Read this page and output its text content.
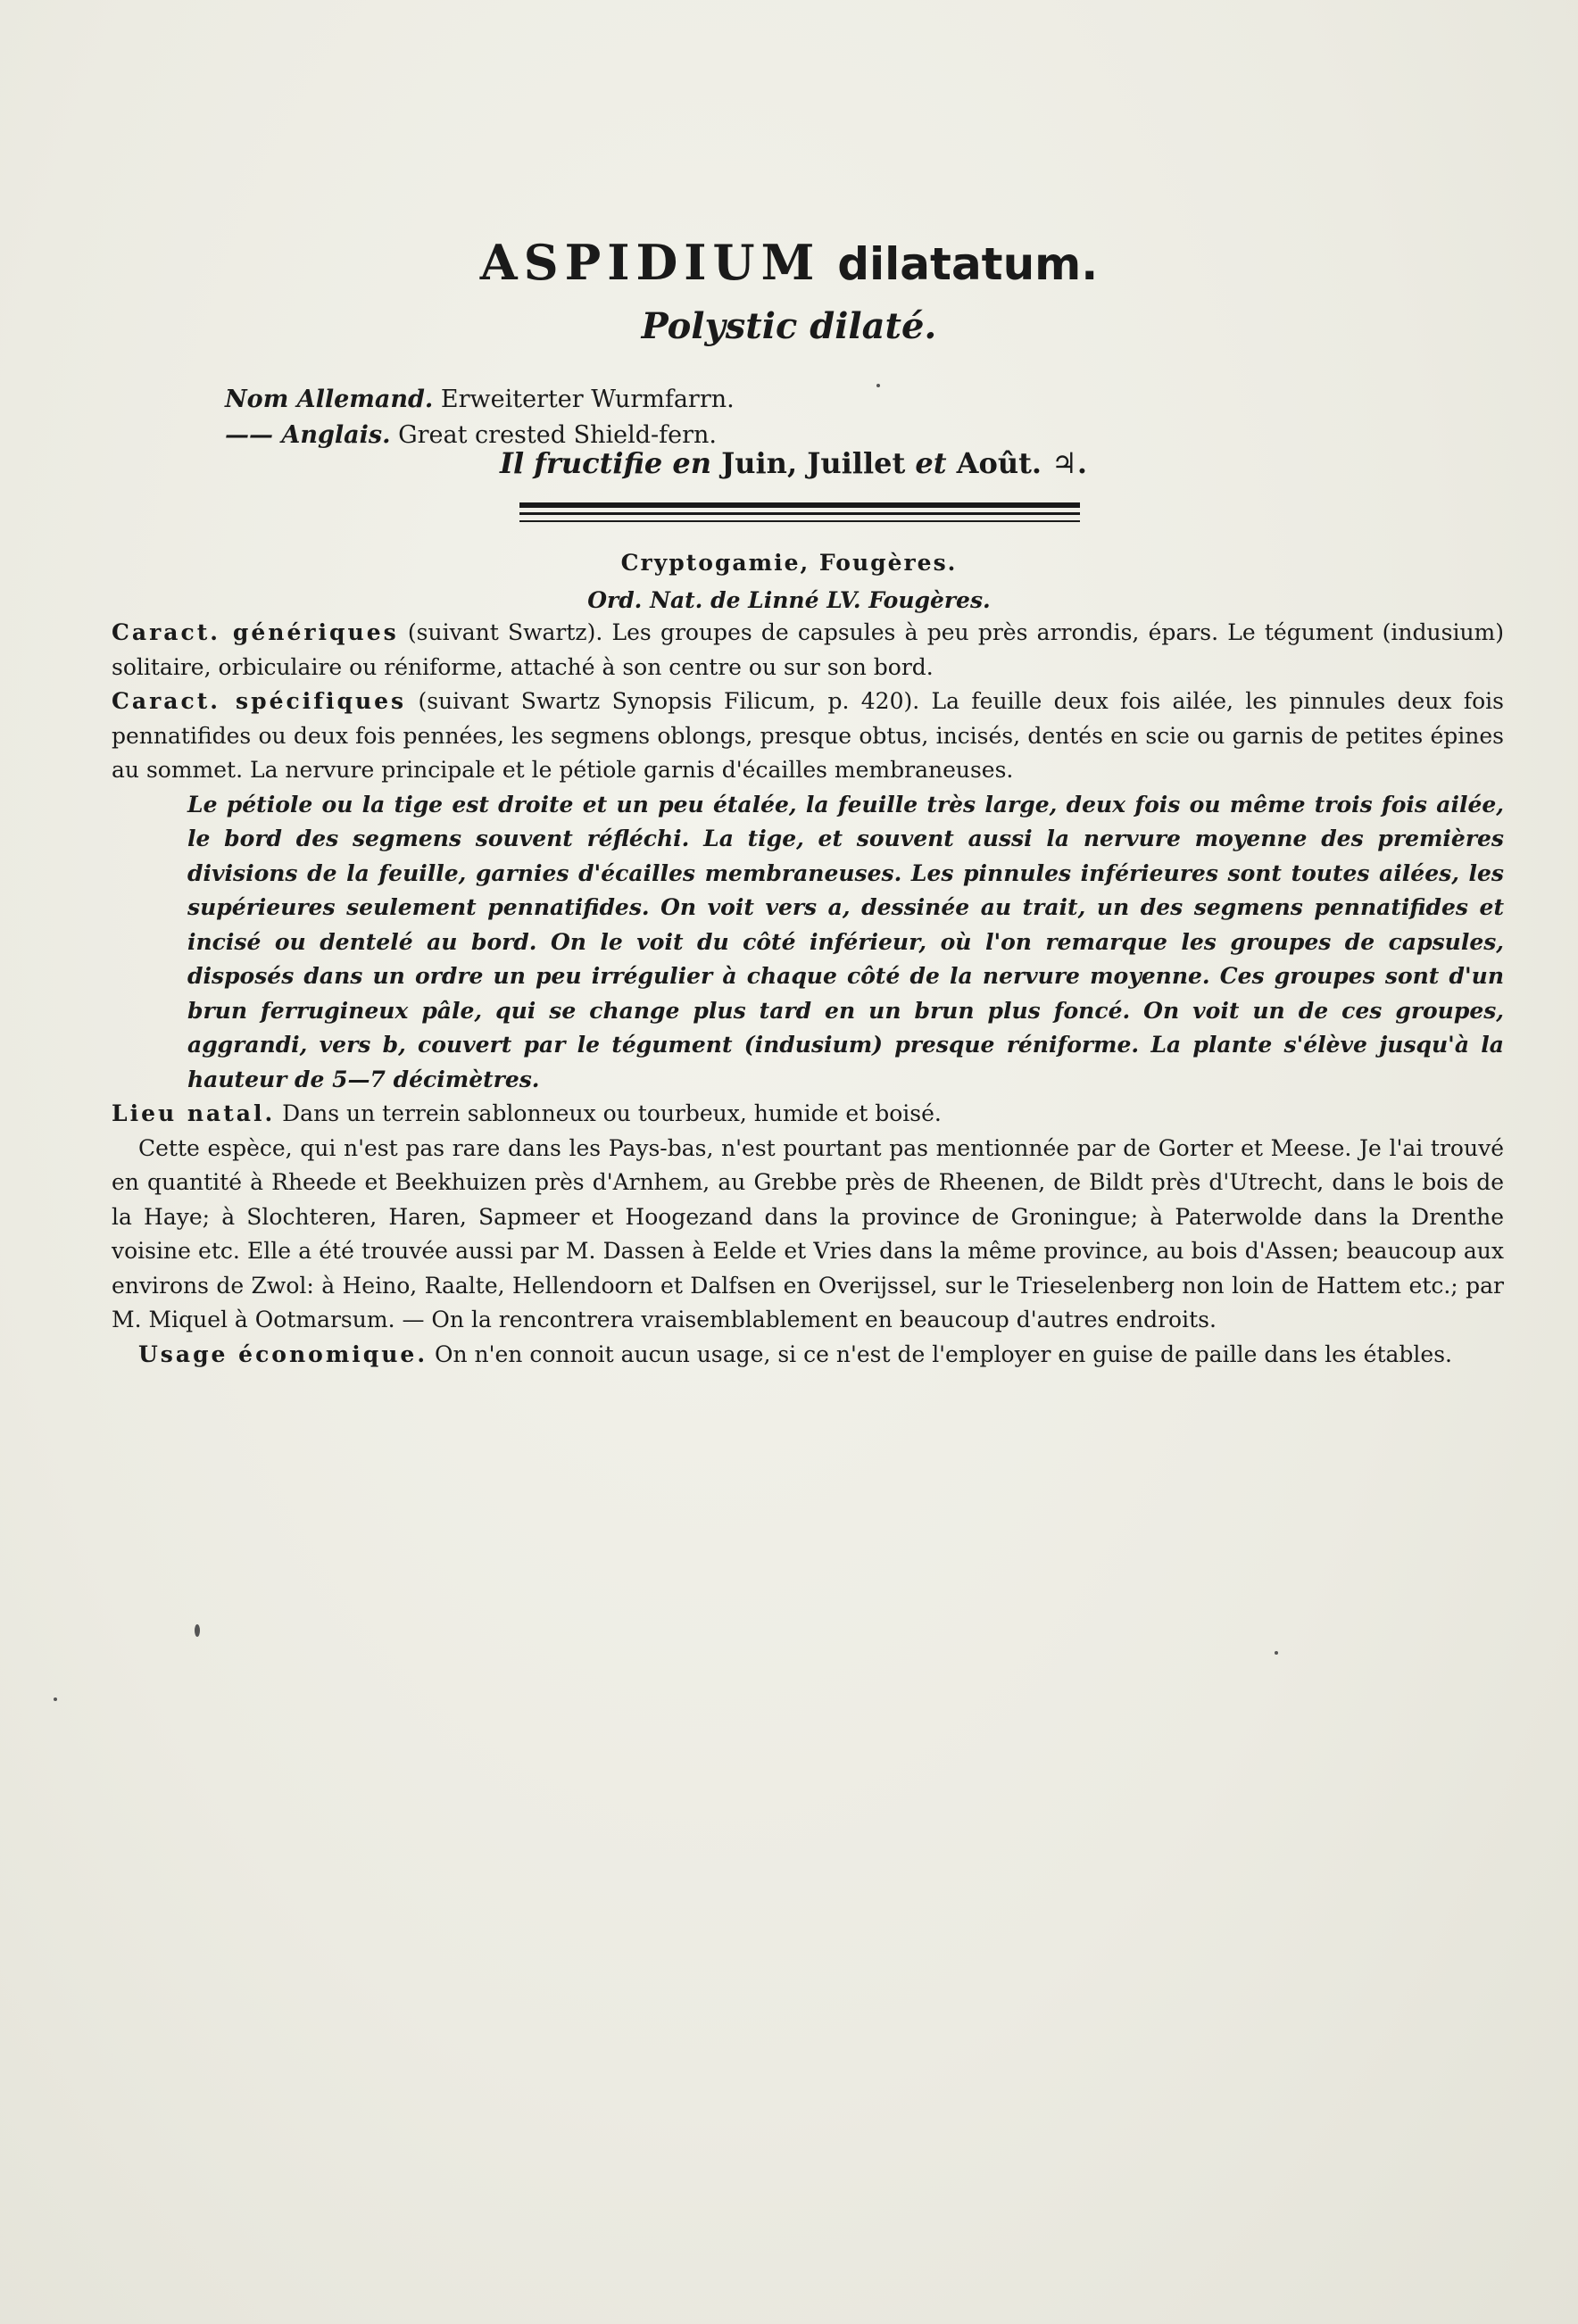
ASPIDIUM dilatatum.
Polystic dilaté.
Nom Allemand. Erweiterter Wurmfarrn.
—— Anglais. Great crested Shield-fern.
Il fructifie en Juin, Juillet et Août. ♃.
Cryptogamie, Fougères.
Ord. Nat. de Linné LV. Fougères.

Caract. génériques (suivant Swartz). Les groupes de capsules à peu près arrondis, épars. Le tégument (indusium) solitaire, orbiculaire ou réniforme, attaché à son centre ou sur son bord.

Caract. spécifiques (suivant Swartz Synopsis Filicum, p. 420). La feuille deux fois ailée, les pinnules deux fois pennatifides ou deux fois pennées, les segmens oblongs, presque obtus, incisés, dentés en scie ou garnis de petites épines au sommet. La nervure principale et le pétiole garnis d'écailles membraneuses.

Le pétiole ou la tige est droite et un peu étalée, la feuille très large, deux fois ou même trois fois ailée, le bord des segmens souvent réfléchi. La tige, et souvent aussi la nervure moyenne des premières divisions de la feuille, garnies d'écailles membraneuses. Les pinnules inférieures sont toutes ailées, les supérieures seulement pennatifides. On voit vers a, dessinée au trait, un des segmens pennatifides et incisé ou dentelé au bord. On le voit du côté inférieur, où l'on remarque les groupes de capsules, disposés dans un ordre un peu irrégulier à chaque côté de la nervure moyenne. Ces groupes sont d'un brun ferrugineux pâle, qui se change plus tard en un brun plus foncé. On voit un de ces groupes, aggrandi, vers b, couvert par le tégument (indusium) presque réniforme. La plante s'élève jusqu'à la hauteur de 5—7 décimètres.

Lieu natal. Dans un terrein sablonneux ou tourbeux, humide et boisé.

Cette espèce, qui n'est pas rare dans les Pays-bas, n'est pourtant pas mentionnée par de Gorter et Meese. Je l'ai trouvé en quantité à Rheede et Beekhuizen près d'Arnhem, au Grebbe près de Rheenen, de Bildt près d'Utrecht, dans le bois de la Haye; à Slochteren, Haren, Sapmeer et Hoogezand dans la province de Groningue; à Paterwolde dans la Drenthe voisine etc. Elle a été trouvée aussi par M. Dassen à Eelde et Vries dans la même province, au bois d'Assen; beaucoup aux environs de Zwol: à Heino, Raalte, Hellendoorn et Dalfsen en Overijssel, sur le Trieselenberg non loin de Hattem etc.; par M. Miquel à Ootmarsum. — On la rencontrera vraisemblablement en beaucoup d'autres endroits.

Usage économique. On n'en connoit aucun usage, si ce n'est de l'employer en guise de paille dans les étables.
